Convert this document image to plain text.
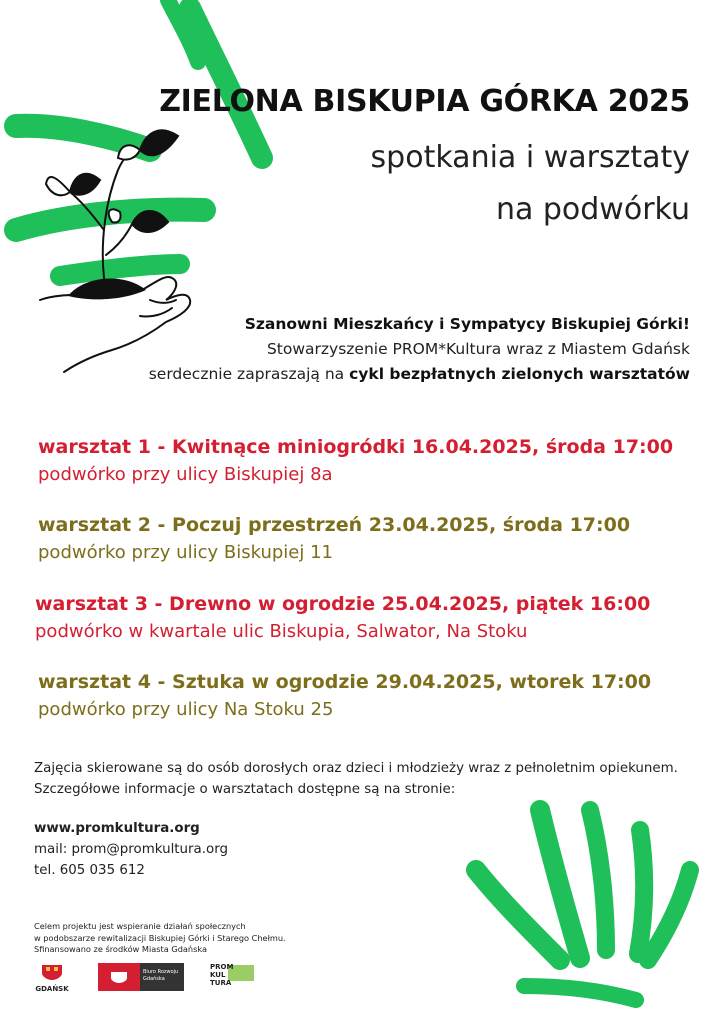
ZIELONA BISKUPIA GÓRKA 2025
spotkania i warsztaty
na podwórku
Szanowni Mieszkańcy i Sympatycy Biskupiej Górki!
Stowarzyszenie PROM*Kultura wraz z Miastem Gdańsk
serdecznie zapraszają na cykl bezpłatnych zielonych warsztatów
warsztat 1 - Kwitnące miniogródki 16.04.2025, środa 17:00
podwórko przy ulicy Biskupiej 8a
warsztat 2 - Poczuj przestrzeń 23.04.2025, środa 17:00
podwórko przy ulicy Biskupiej 11
warsztat 3 - Drewno w ogrodzie 25.04.2025, piątek 16:00
podwórko w kwartale ulic Biskupia, Salwator, Na Stoku
warsztat 4 - Sztuka w ogrodzie 29.04.2025, wtorek 17:00
podwórko przy ulicy Na Stoku 25
Zajęcia skierowane są do osób dorosłych oraz dzieci i młodzieży wraz z pełnoletnim opiekunem.
Szczegółowe informacje o warsztatach dostępne są na stronie:
www.promkultura.org
mail: prom@promkultura.org
tel. 605 035 612
Celem projektu jest wspieranie działań społecznych
w podobszarze rewitalizacji Biskupiej Górki i Starego Chełmu.
Sfinansowano ze środków Miasta Gdańska
GDAŃSK
Biuro Rozwoju
Gdańska
PROM
KUL
TURA
